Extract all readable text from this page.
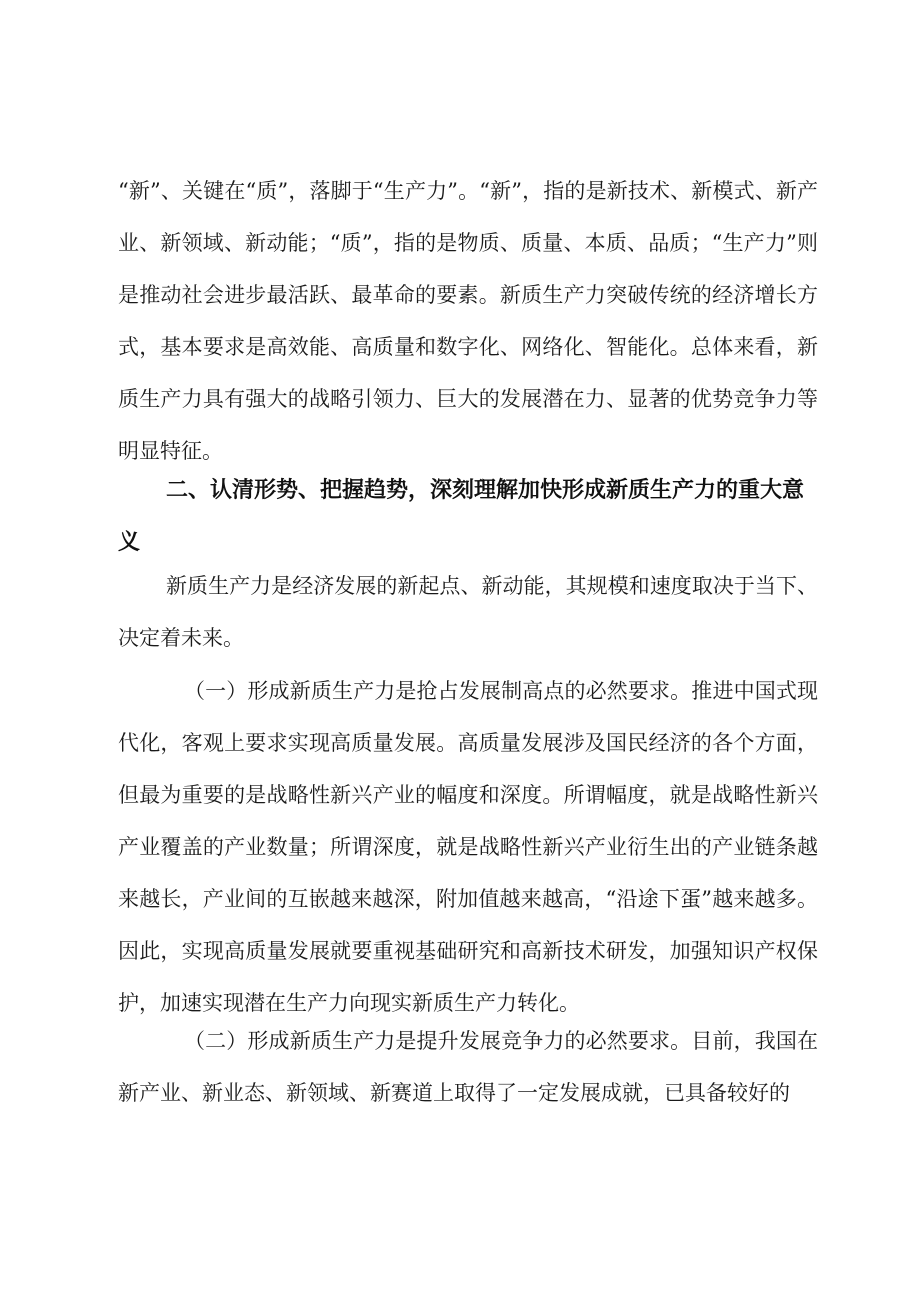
“新”、关键在“质”，落脚于“生产力”。“新”，指的是新技术、新模式、新产业、新领域、新动能；“质”，指的是物质、质量、本质、品质；“生产力”则是推动社会进步最活跃、最革命的要素。新质生产力突破传统的经济增长方式，基本要求是高效能、高质量和数字化、网络化、智能化。总体来看，新质生产力具有强大的战略引领力、巨大的发展潜在力、显著的优势竞争力等明显特征。

二、认清形势、把握趋势，深刻理解加快形成新质生产力的重大意义

新质生产力是经济发展的新起点、新动能，其规模和速度取决于当下、决定着未来。

（一）形成新质生产力是抢占发展制高点的必然要求。推进中国式现代化，客观上要求实现高质量发展。高质量发展涉及国民经济的各个方面，但最为重要的是战略性新兴产业的幅度和深度。所谓幅度，就是战略性新兴产业覆盖的产业数量；所谓深度，就是战略性新兴产业衍生出的产业链条越来越长，产业间的互嵌越来越深，附加值越来越高，“沿途下蛋”越来越多。因此，实现高质量发展就要重视基础研究和高新技术研发，加强知识产权保护，加速实现潜在生产力向现实新质生产力转化。

（二）形成新质生产力是提升发展竞争力的必然要求。目前，我国在新产业、新业态、新领域、新赛道上取得了一定发展成就，已具备较好的
